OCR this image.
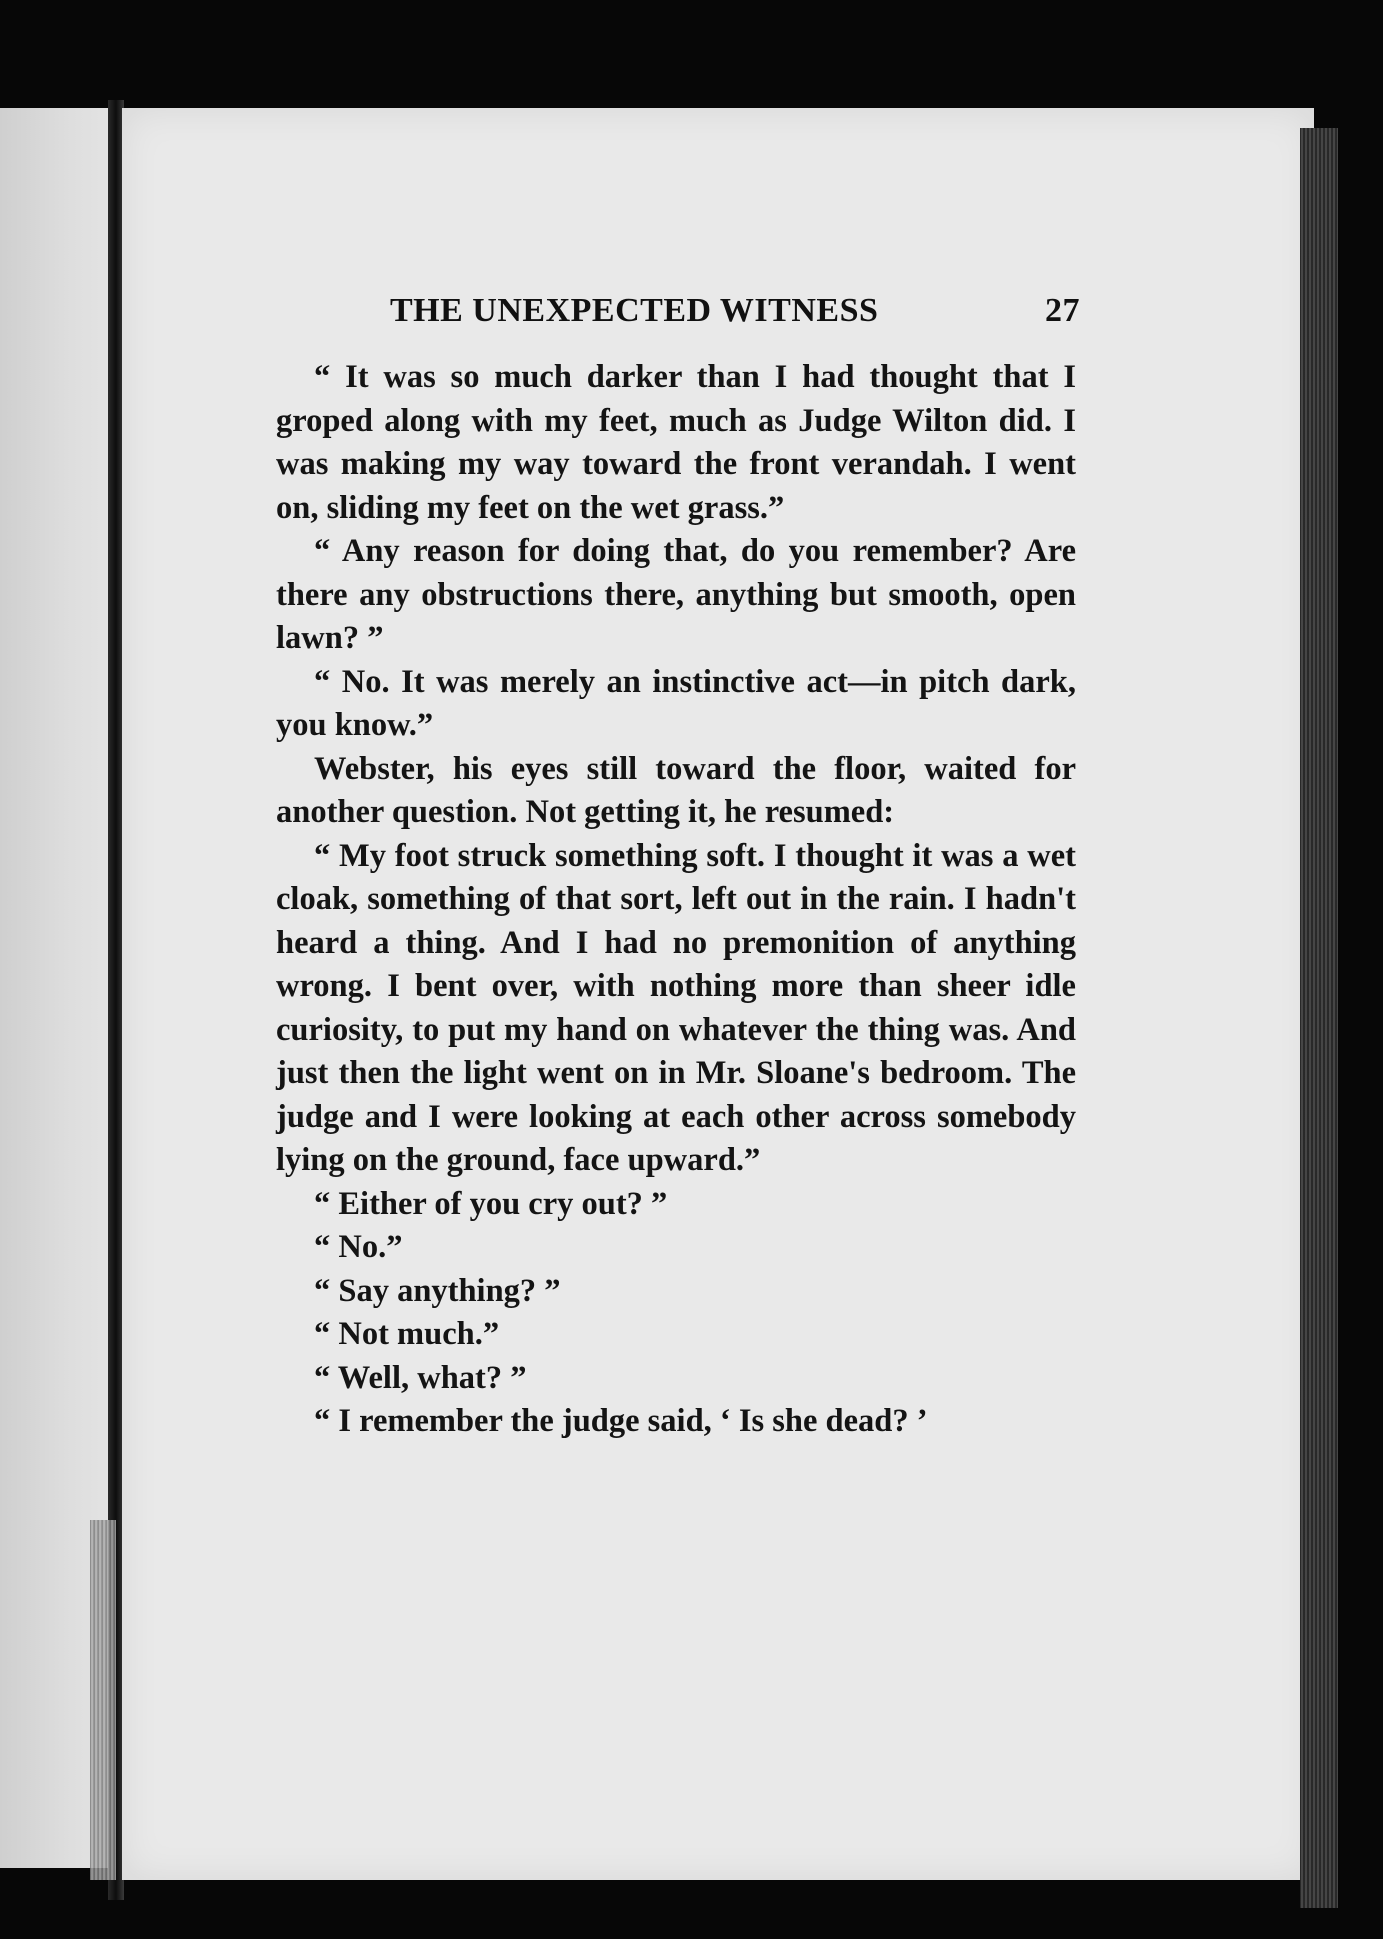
THE UNEXPECTED WITNESS	27

“ It was so much darker than I had thought that I groped along with my feet, much as Judge Wilton did. I was making my way toward the front verandah. I went on, sliding my feet on the wet grass.”

“ Any reason for doing that, do you remember? Are there any obstructions there, anything but smooth, open lawn? ”

“ No. It was merely an instinctive act—in pitch dark, you know.”

Webster, his eyes still toward the floor, waited for another question. Not getting it, he resumed:

“ My foot struck something soft. I thought it was a wet cloak, something of that sort, left out in the rain. I hadn't heard a thing. And I had no premonition of anything wrong. I bent over, with nothing more than sheer idle curiosity, to put my hand on whatever the thing was. And just then the light went on in Mr. Sloane's bedroom. The judge and I were looking at each other across somebody lying on the ground, face upward.”

“ Either of you cry out? ”

“ No.”

“ Say anything? ”

“ Not much.”

“ Well, what? ”

“ I remember the judge said, ‘ Is she dead? ’
